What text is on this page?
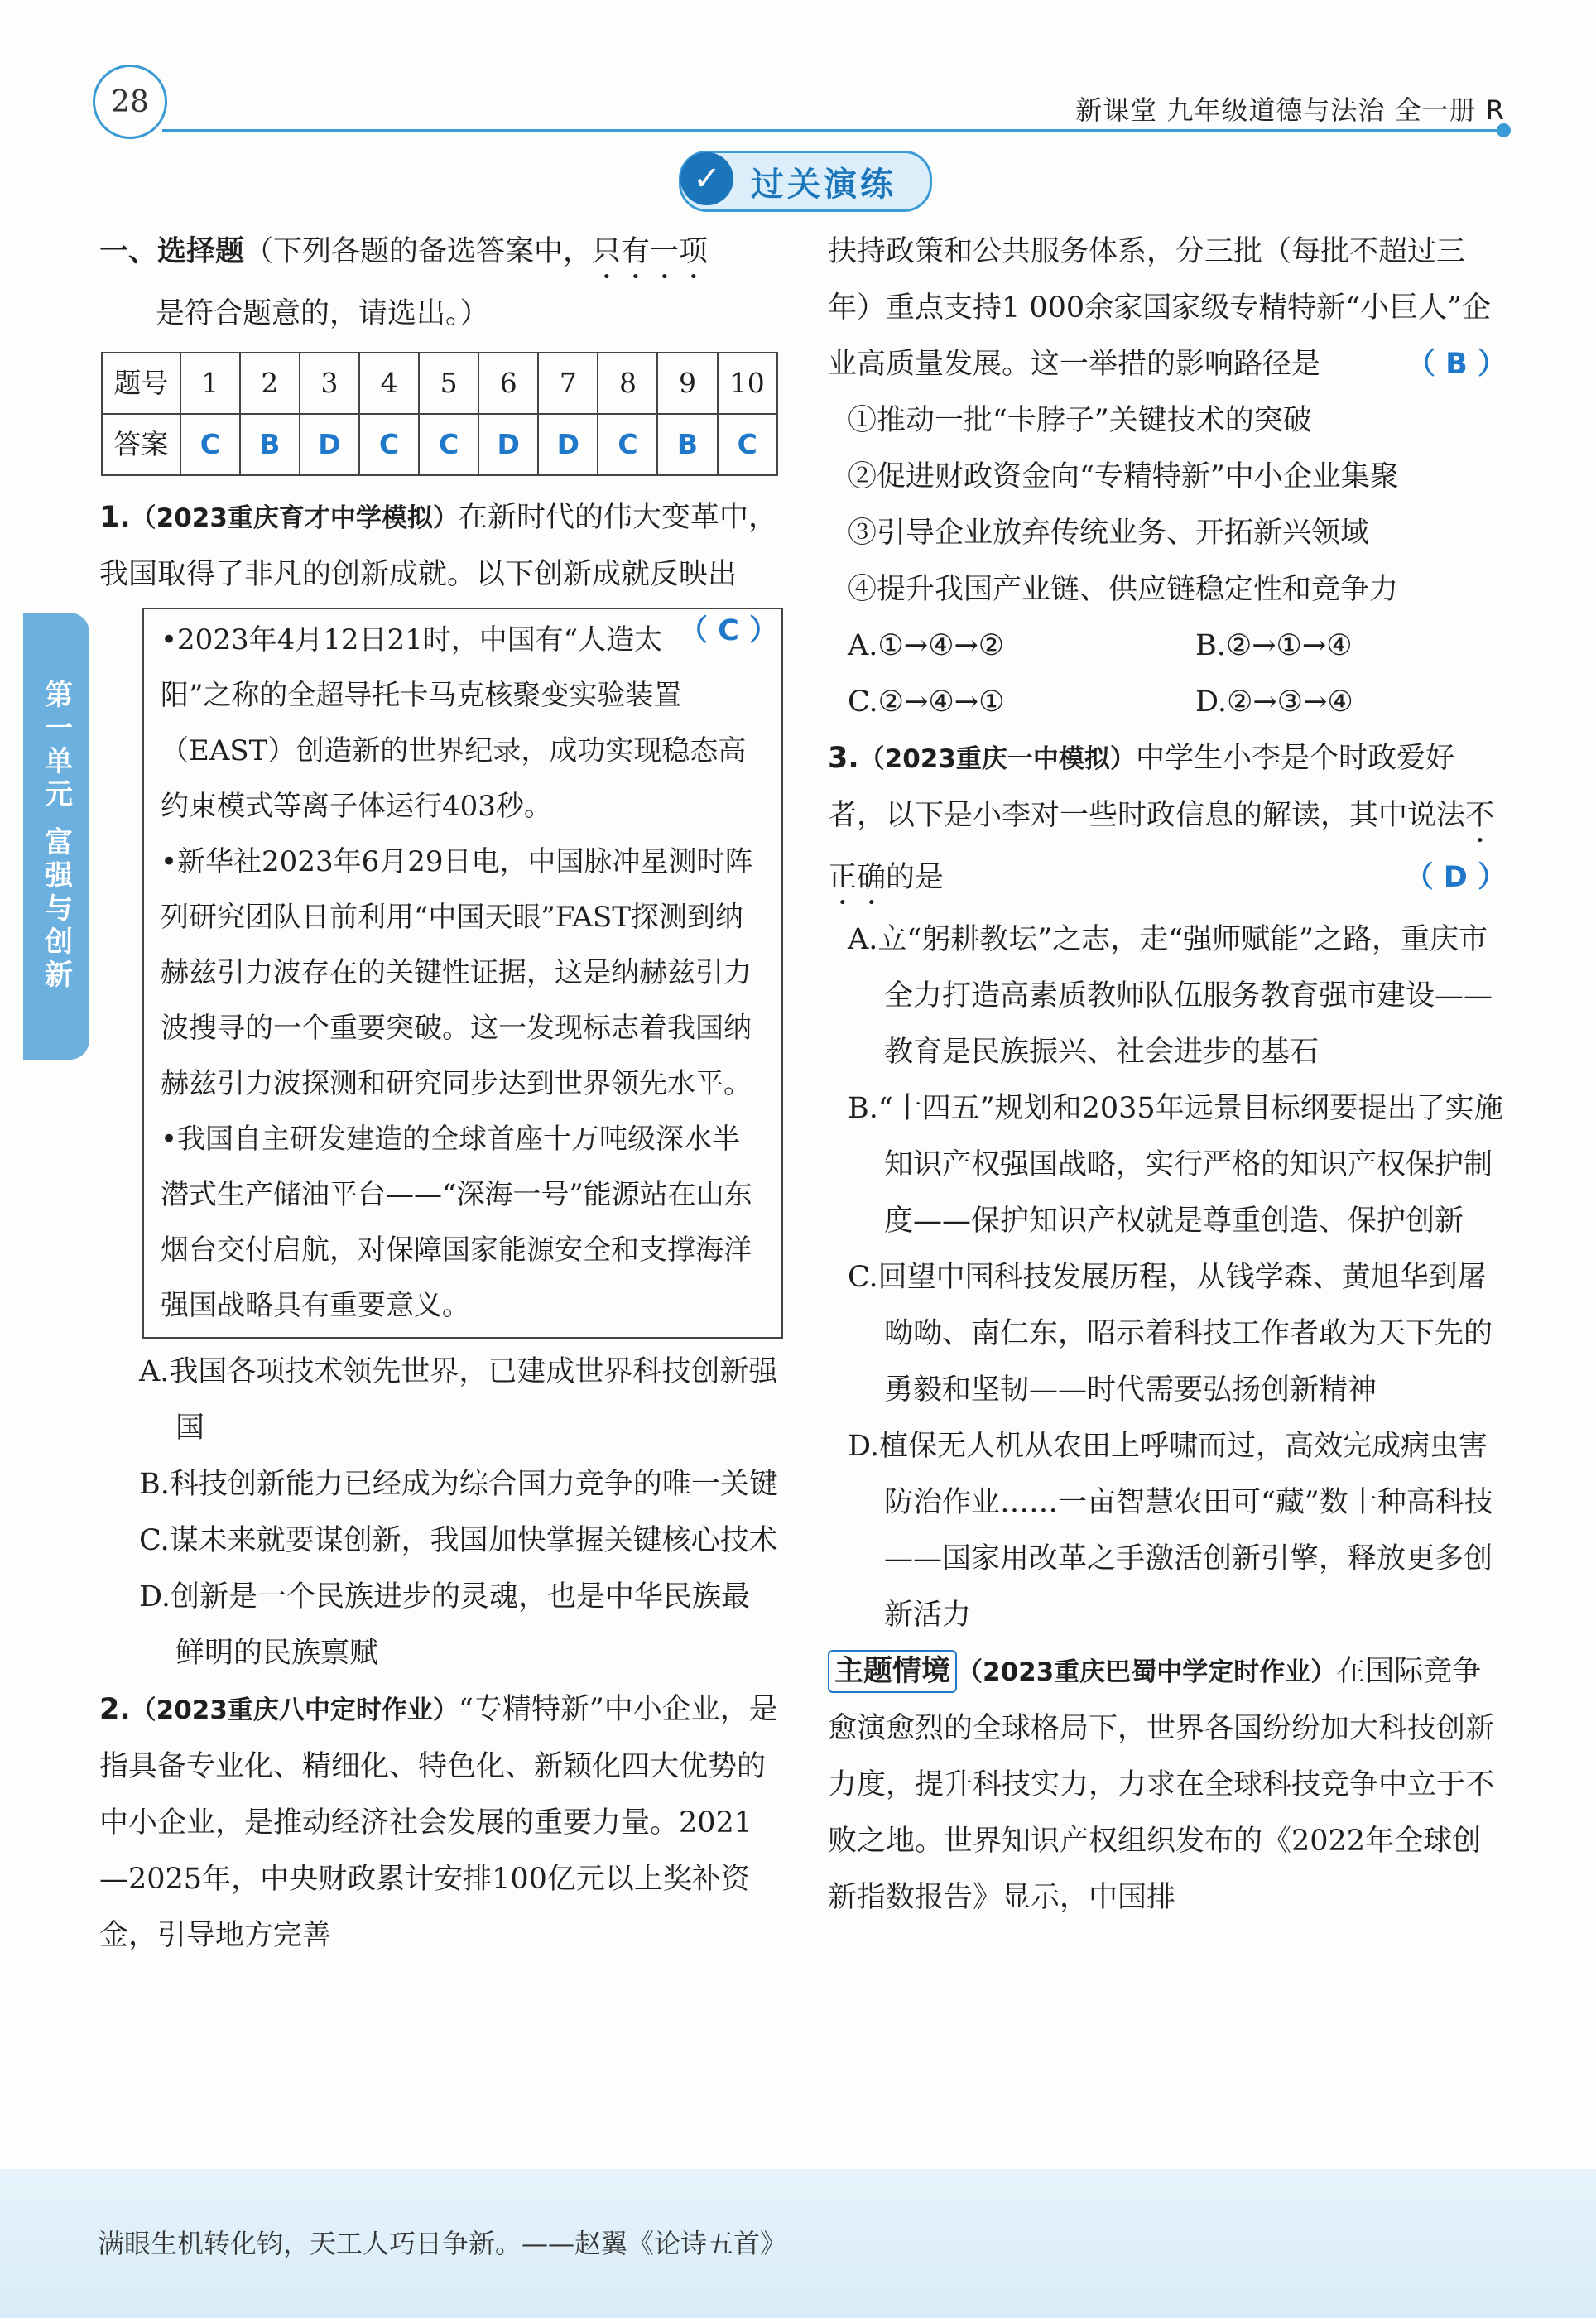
28	新课堂 九年级道德与法治 全一册 R
过关演练
✓
第一单元 富强与创新

一、选择题（下列各题的备选答案中，只有一项
是符合题意的，请选出。）

题号	1	2	3	4	5	6	7	8	9	10
答案	C	B	D	C	C	D	D	C	B	C

1.（2023重庆育才中学模拟）在新时代的伟大变革中，我国取得了非凡的创新成就。以下创新成就反映出
（ C ）

•2023年4月12日21时，中国有“人造太阳”之称的全超导托卡马克核聚变实验装置（EAST）创造新的世界纪录，成功实现稳态高约束模式等离子体运行403秒。

•新华社2023年6月29日电，中国脉冲星测时阵列研究团队日前利用“中国天眼”FAST探测到纳赫兹引力波存在的关键性证据，这是纳赫兹引力波搜寻的一个重要突破。这一发现标志着我国纳赫兹引力波探测和研究同步达到世界领先水平。

•我国自主研发建造的全球首座十万吨级深水半潜式生产储油平台——“深海一号”能源站在山东烟台交付启航，对保障国家能源安全和支撑海洋强国战略具有重要意义。

A.我国各项技术领先世界，已建成世界科技创新强国

B.科技创新能力已经成为综合国力竞争的唯一关键

C.谋未来就要谋创新，我国加快掌握关键核心技术

D.创新是一个民族进步的灵魂，也是中华民族最鲜明的民族禀赋

2.（2023重庆八中定时作业）“专精特新”中小企业，是指具备专业化、精细化、特色化、新颖化四大优势的中小企业，是推动经济社会发展的重要力量。2021—2025年，中央财政累计安排100亿元以上奖补资金，引导地方完善

扶持政策和公共服务体系，分三批（每批不超过三年）重点支持1 000余家国家级专精特新“小巨人”企业高质量发展。这一举措的影响路径是	（ B ）

①推动一批“卡脖子”关键技术的突破

②促进财政资金向“专精特新”中小企业集聚

③引导企业放弃传统业务、开拓新兴领域

④提升我国产业链、供应链稳定性和竞争力

A.①→④→②	B.②→①→④

C.②→④→①	D.②→③→④

3.（2023重庆一中模拟）中学生小李是个时政爱好者，以下是小李对一些时政信息的解读，其中说法不正确的是	（ D ）

A.立“躬耕教坛”之志，走“强师赋能”之路，重庆市全力打造高素质教师队伍服务教育强市建设——教育是民族振兴、社会进步的基石

B.“十四五”规划和2035年远景目标纲要提出了实施知识产权强国战略，实行严格的知识产权保护制度——保护知识产权就是尊重创造、保护创新

C.回望中国科技发展历程，从钱学森、黄旭华到屠呦呦、南仁东，昭示着科技工作者敢为天下先的勇毅和坚韧——时代需要弘扬创新精神

D.植保无人机从农田上呼啸而过，高效完成病虫害防治作业……一亩智慧农田可“藏”数十种高科技——国家用改革之手激活创新引擎，释放更多创新活力

主题情境 （2023重庆巴蜀中学定时作业）在国际竞争愈演愈烈的全球格局下，世界各国纷纷加大科技创新力度，提升科技实力，力求在全球科技竞争中立于不败之地。世界知识产权组织发布的《2022年全球创新指数报告》显示，中国排

满眼生机转化钧，天工人巧日争新。——赵翼《论诗五首》
